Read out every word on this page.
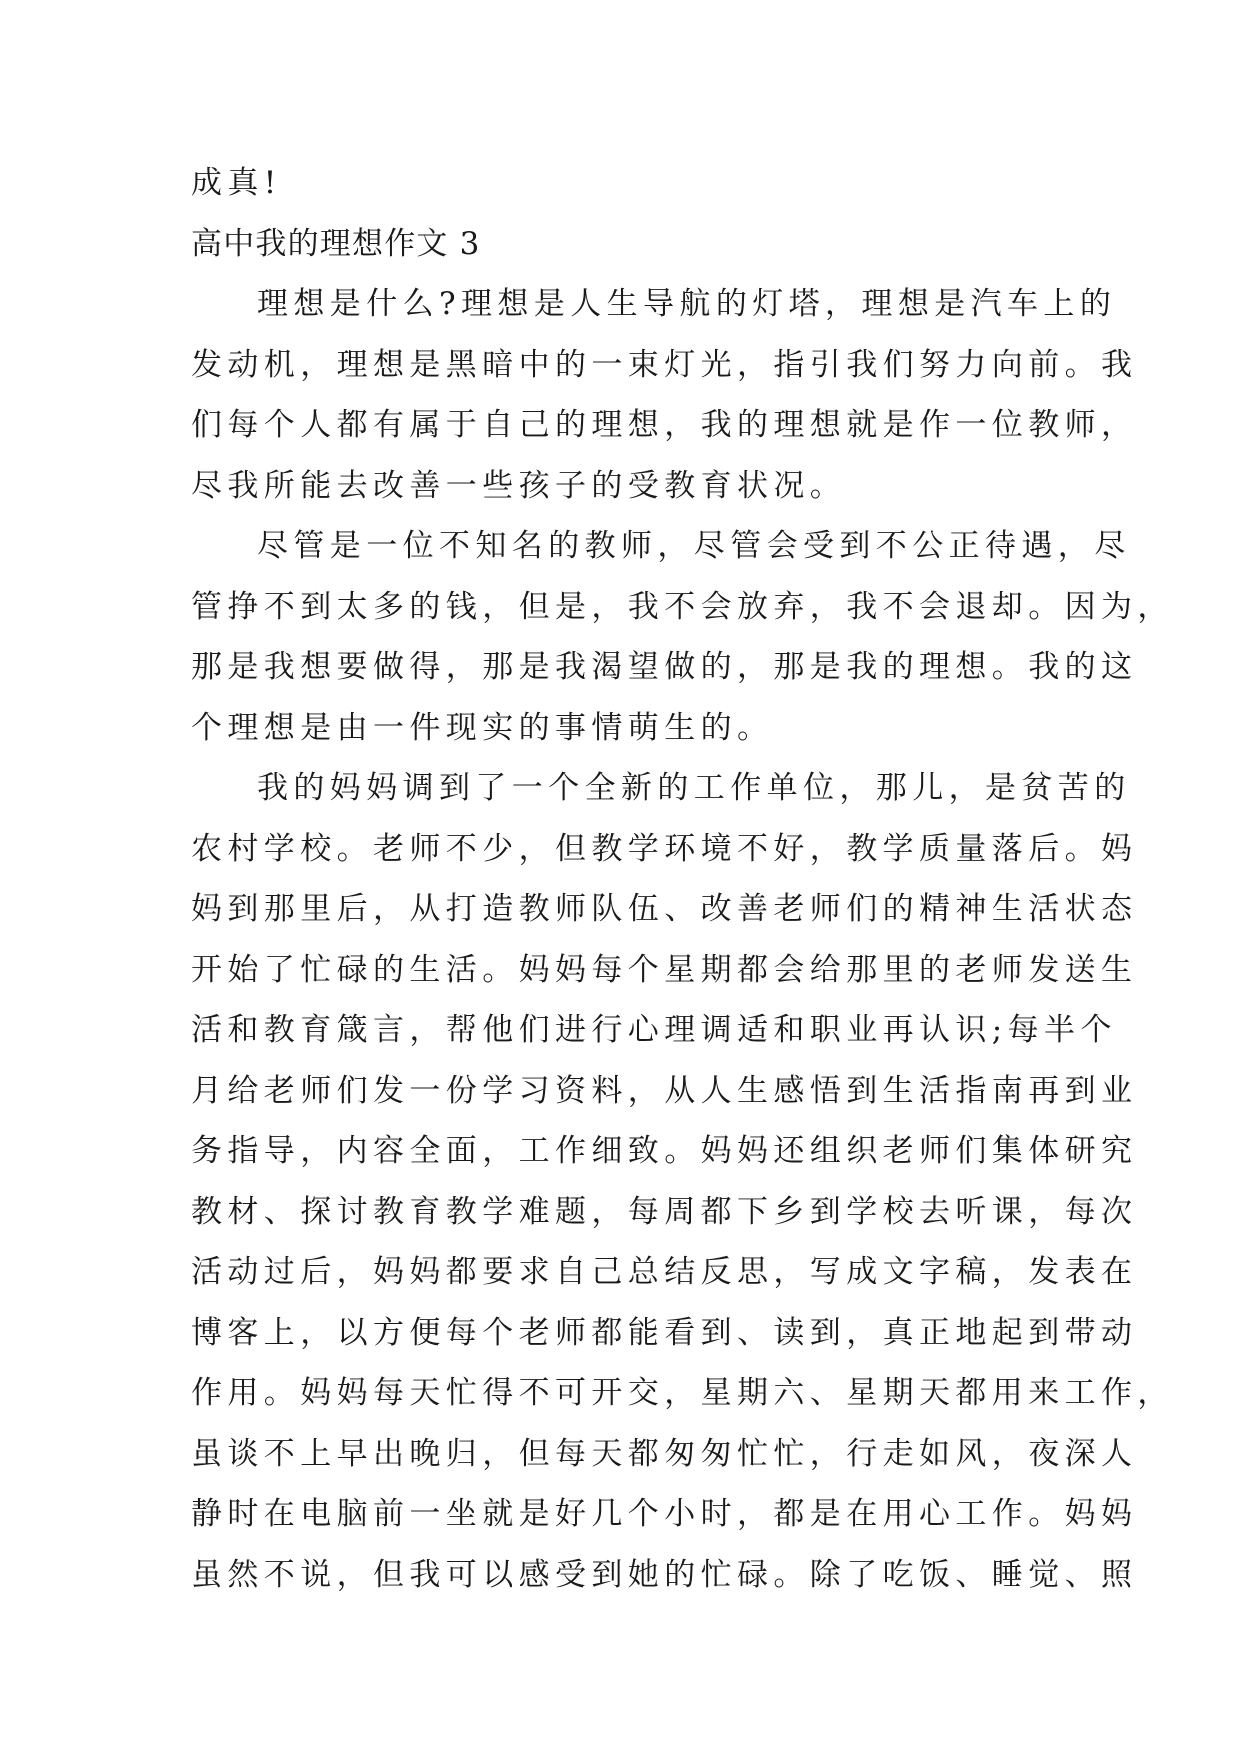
成真!
高中我的理想作文 3
理想是什么?理想是人生导航的灯塔，理想是汽车上的
发动机，理想是黑暗中的一束灯光，指引我们努力向前。我
们每个人都有属于自己的理想，我的理想就是作一位教师，
尽我所能去改善一些孩子的受教育状况。
尽管是一位不知名的教师，尽管会受到不公正待遇，尽
管挣不到太多的钱，但是，我不会放弃，我不会退却。因为，
那是我想要做得，那是我渴望做的，那是我的理想。我的这
个理想是由一件现实的事情萌生的。
我的妈妈调到了一个全新的工作单位，那儿，是贫苦的
农村学校。老师不少，但教学环境不好，教学质量落后。妈
妈到那里后，从打造教师队伍、改善老师们的精神生活状态
开始了忙碌的生活。妈妈每个星期都会给那里的老师发送生
活和教育箴言，帮他们进行心理调适和职业再认识;每半个
月给老师们发一份学习资料，从人生感悟到生活指南再到业
务指导，内容全面，工作细致。妈妈还组织老师们集体研究
教材、探讨教育教学难题，每周都下乡到学校去听课，每次
活动过后，妈妈都要求自己总结反思，写成文字稿，发表在
博客上，以方便每个老师都能看到、读到，真正地起到带动
作用。妈妈每天忙得不可开交，星期六、星期天都用来工作，
虽谈不上早出晚归，但每天都匆匆忙忙，行走如风，夜深人
静时在电脑前一坐就是好几个小时，都是在用心工作。妈妈
虽然不说，但我可以感受到她的忙碌。除了吃饭、睡觉、照
